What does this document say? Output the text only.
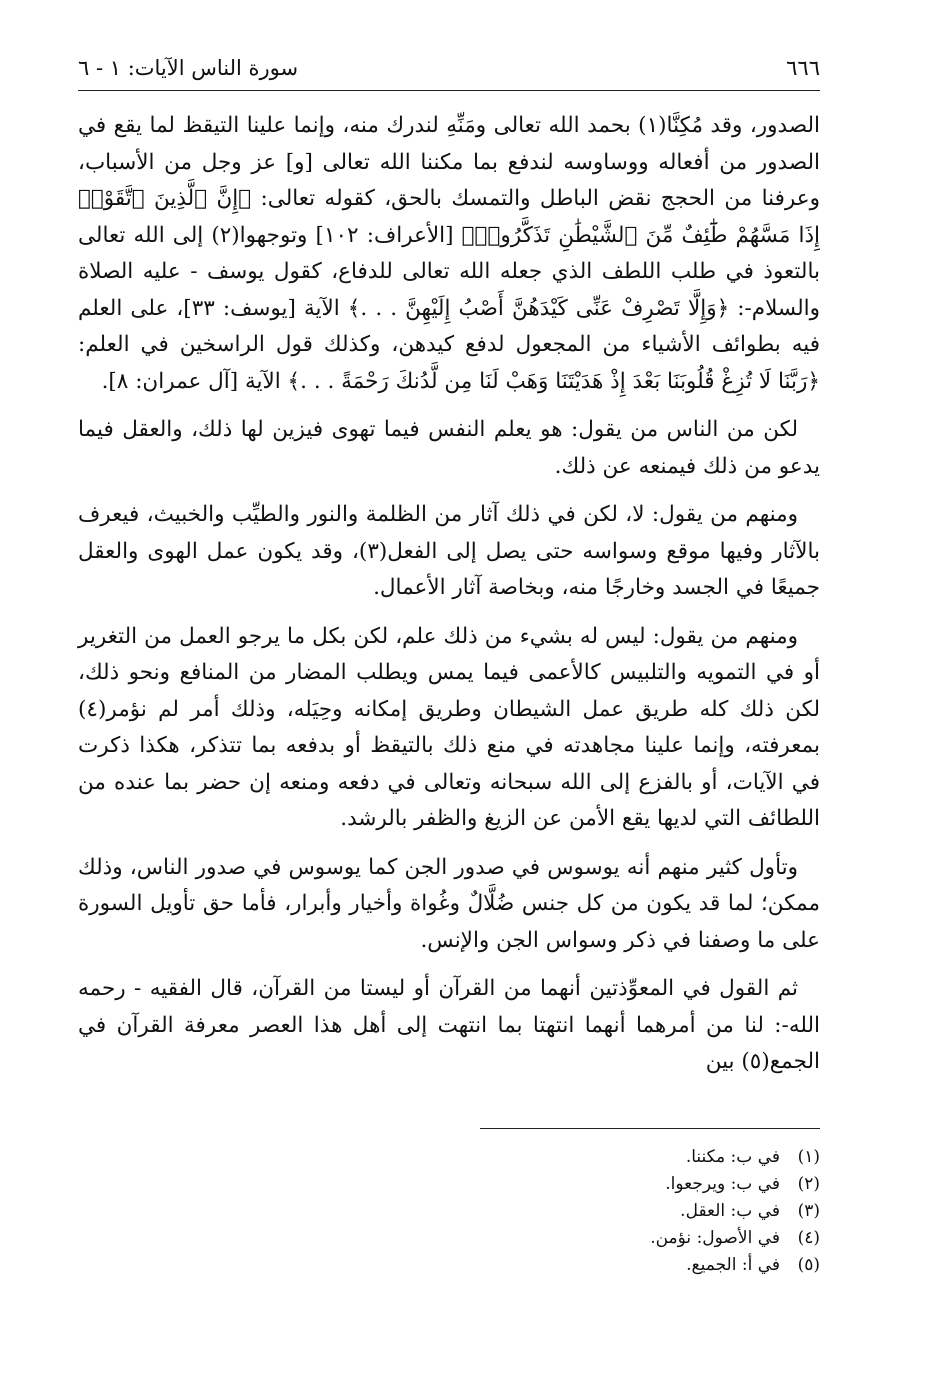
٦٦٦
سورة الناس الآيات: ١ - ٦

الصدور، وقد مُكِنَّا(١) بحمد الله تعالى ومَنِّهِ لندرك منه، وإنما علينا التيقظ لما يقع في الصدور من أفعاله ووساوسه لندفع بما مكننا الله تعالى [و] عز وجل من الأسباب، وعرفنا من الحجج نقض الباطل والتمسك بالحق، كقوله تعالى: ﴿إِنَّ ٱلَّذِينَ ٱتَّقَوْا۟ إِذَا مَسَّهُمْ طَٰٓئِفٌ مِّنَ ٱلشَّيْطَٰنِ تَذَكَّرُوا۟﴾ [الأعراف: ١٠٢] وتوجهوا(٢) إلى الله تعالى بالتعوذ في طلب اللطف الذي جعله الله تعالى للدفاع، كقول يوسف - عليه الصلاة والسلام-: ﴿وَإِلَّا تَصْرِفْ عَنِّى كَيْدَهُنَّ أَصْبُ إِلَيْهِنَّ . . .﴾ الآية [يوسف: ٣٣]، على العلم فيه بطوائف الأشياء من المجعول لدفع كيدهن، وكذلك قول الراسخين في العلم: ﴿رَبَّنَا لَا تُزِغْ قُلُوبَنَا بَعْدَ إِذْ هَدَيْتَنَا وَهَبْ لَنَا مِن لَّدُنكَ رَحْمَةً . . .﴾ الآية [آل عمران: ٨].

لكن من الناس من يقول: هو يعلم النفس فيما تهوى فيزين لها ذلك، والعقل فيما يدعو من ذلك فيمنعه عن ذلك.

ومنهم من يقول: لا، لكن في ذلك آثار من الظلمة والنور والطيِّب والخبيث، فيعرف بالآثار وفيها موقع وسواسه حتى يصل إلى الفعل(٣)، وقد يكون عمل الهوى والعقل جميعًا في الجسد وخارجًا منه، وبخاصة آثار الأعمال.

ومنهم من يقول: ليس له بشيء من ذلك علم، لكن بكل ما يرجو العمل من التغرير أو في التمويه والتلبيس كالأعمى فيما يمس ويطلب المضار من المنافع ونحو ذلك، لكن ذلك كله طريق عمل الشيطان وطريق إمكانه وحِيَله، وذلك أمر لم نؤمر(٤) بمعرفته، وإنما علينا مجاهدته في منع ذلك بالتيقظ أو بدفعه بما تتذكر، هكذا ذكرت في الآيات، أو بالفزع إلى الله سبحانه وتعالى في دفعه ومنعه إن حضر بما عنده من اللطائف التي لديها يقع الأمن عن الزيغ والظفر بالرشد.

وتأول كثير منهم أنه يوسوس في صدور الجن كما يوسوس في صدور الناس، وذلك ممكن؛ لما قد يكون من كل جنس ضُلَّالٌ وغُواة وأخيار وأبرار، فأما حق تأويل السورة على ما وصفنا في ذكر وسواس الجن والإنس.

ثم القول في المعوِّذتين أنهما من القرآن أو ليستا من القرآن، قال الفقيه - رحمه الله-: لنا من أمرهما أنهما انتهتا بما انتهت إلى أهل هذا العصر معرفة القرآن في الجمع(٥) بين

(١)
في ب: مكننا.
(٢)
في ب: ويرجعوا.
(٣)
في ب: العقل.
(٤)
في الأصول: نؤمن.
(٥)
في أ: الجميع.
